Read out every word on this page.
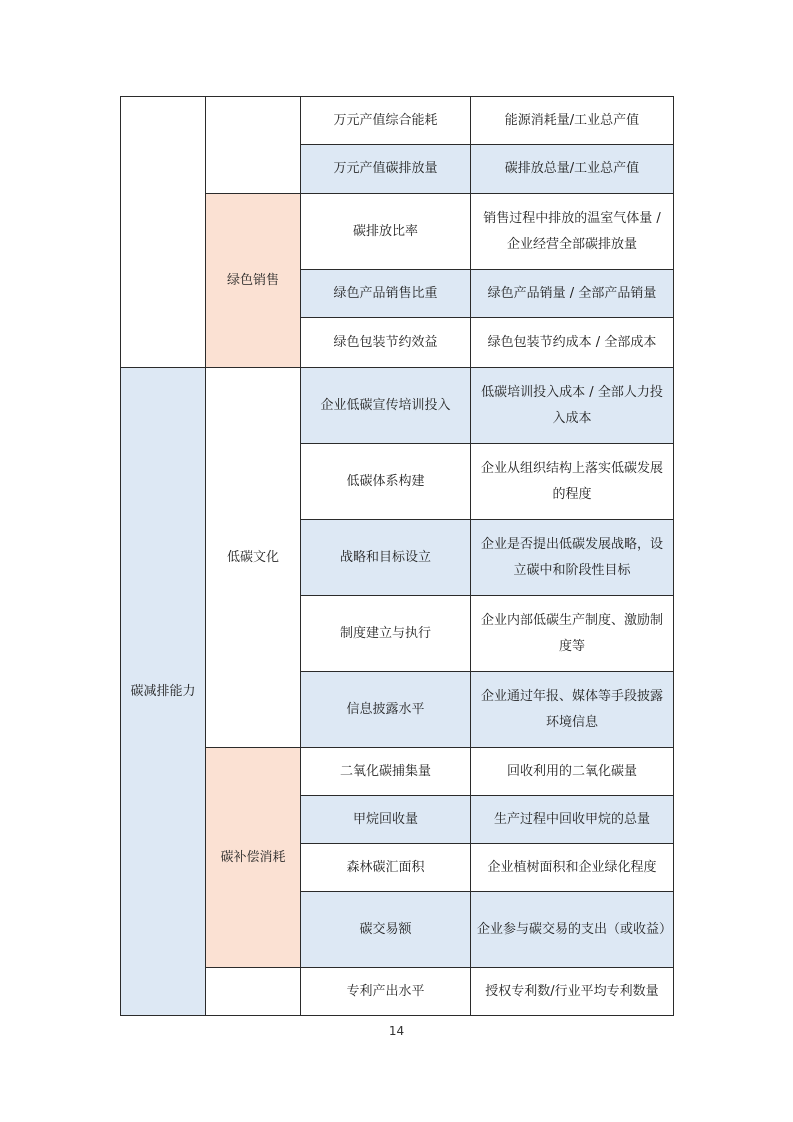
		万元产值综合能耗	能源消耗量/工业总产值
		万元产值碳排放量	碳排放总量/工业总产值
	绿色销售	碳排放比率	销售过程中排放的温室气体量 / 企业经营全部碳排放量
		绿色产品销售比重	绿色产品销量 / 全部产品销量
		绿色包装节约效益	绿色包装节约成本 / 全部成本
碳减排能力	低碳文化	企业低碳宣传培训投入	低碳培训投入成本 / 全部人力投入成本
		低碳体系构建	企业从组织结构上落实低碳发展的程度
		战略和目标设立	企业是否提出低碳发展战略，设立碳中和阶段性目标
		制度建立与执行	企业内部低碳生产制度、激励制度等
		信息披露水平	企业通过年报、媒体等手段披露环境信息
	碳补偿消耗	二氧化碳捕集量	回收利用的二氧化碳量
		甲烷回收量	生产过程中回收甲烷的总量
		森林碳汇面积	企业植树面积和企业绿化程度
		碳交易额	企业参与碳交易的支出（或收益）
		专利产出水平	授权专利数/行业平均专利数量
14
